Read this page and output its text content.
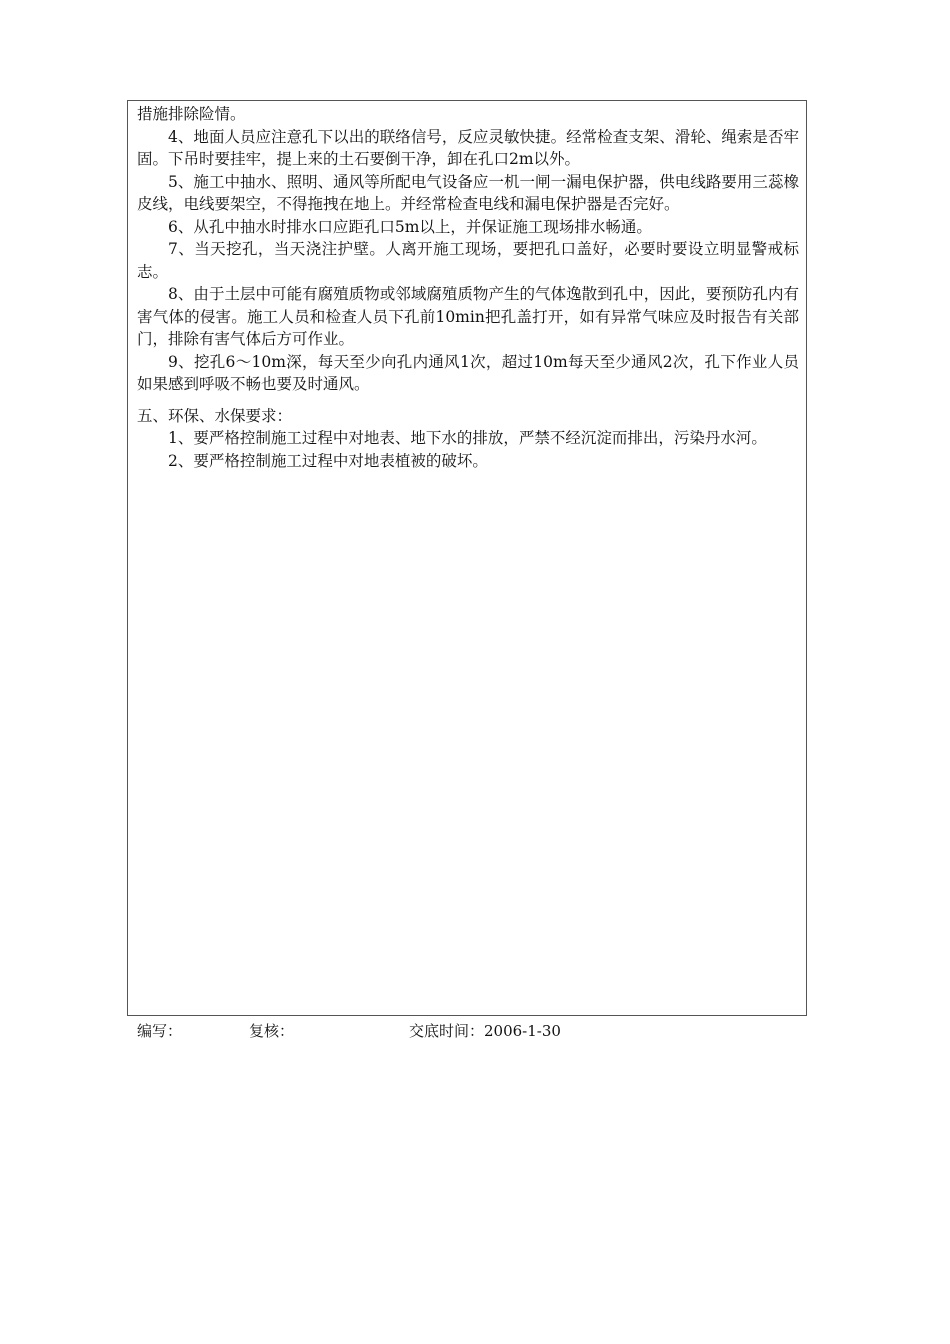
措施排除险情。

4、地面人员应注意孔下以出的联络信号，反应灵敏快捷。经常检查支架、滑轮、绳索是否牢固。下吊时要挂牢，提上来的土石要倒干净，卸在孔口2m以外。

5、施工中抽水、照明、通风等所配电气设备应一机一闸一漏电保护器，供电线路要用三蕊橡皮线，电线要架空，不得拖拽在地上。并经常检查电线和漏电保护器是否完好。

6、从孔中抽水时排水口应距孔口5m以上，并保证施工现场排水畅通。

7、当天挖孔，当天浇注护壁。人离开施工现场，要把孔口盖好，必要时要设立明显警戒标志。

8、由于土层中可能有腐殖质物或邻域腐殖质物产生的气体逸散到孔中，因此，要预防孔内有害气体的侵害。施工人员和检查人员下孔前10min把孔盖打开，如有异常气味应及时报告有关部门，排除有害气体后方可作业。

9、挖孔6～10m深，每天至少向孔内通风1次，超过10m每天至少通风2次，孔下作业人员如果感到呼吸不畅也要及时通风。

五、环保、水保要求：

1、要严格控制施工过程中对地表、地下水的排放，严禁不经沉淀而排出，污染丹水河。

2、要严格控制施工过程中对地表植被的破坏。

编写：	复核：	交底时间：2006-1-30
